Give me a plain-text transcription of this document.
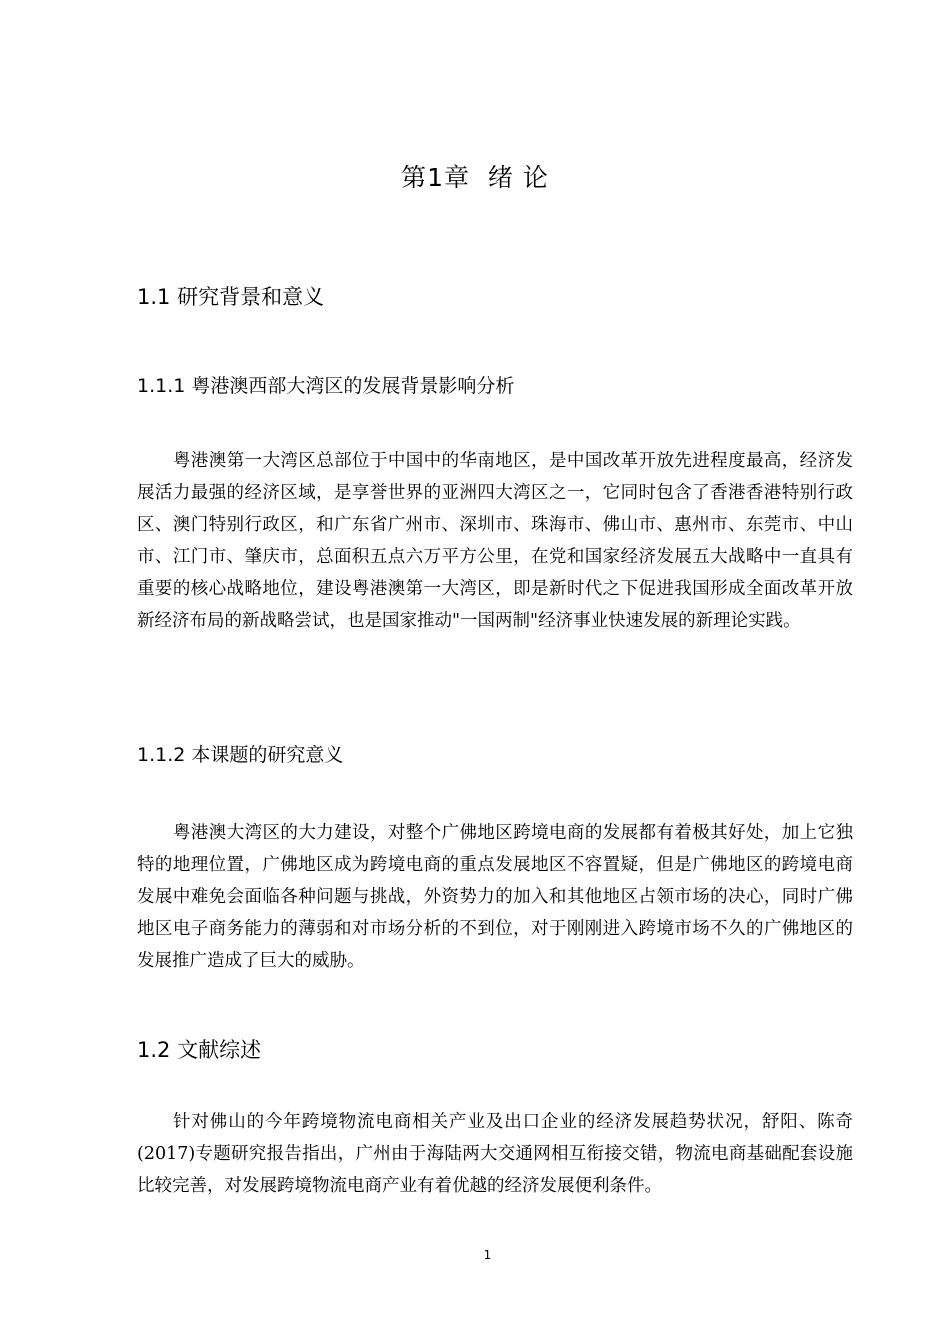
第1章  绪 论
1.1 研究背景和意义
1.1.1 粤港澳西部大湾区的发展背景影响分析

粤港澳第一大湾区总部位于中国中的华南地区，是中国改革开放先进程度最高，经济发展活力最强的经济区域，是享誉世界的亚洲四大湾区之一，它同时包含了香港香港特别行政区、澳门特别行政区，和广东省广州市、深圳市、珠海市、佛山市、惠州市、东莞市、中山市、江门市、肇庆市，总面积五点六万平方公里，在党和国家经济发展五大战略中一直具有重要的核心战略地位，建设粤港澳第一大湾区，即是新时代之下促进我国形成全面改革开放新经济布局的新战略尝试，也是国家推动"一国两制"经济事业快速发展的新理论实践。

1.1.2 本课题的研究意义

粤港澳大湾区的大力建设，对整个广佛地区跨境电商的发展都有着极其好处，加上它独特的地理位置，广佛地区成为跨境电商的重点发展地区不容置疑，但是广佛地区的跨境电商发展中难免会面临各种问题与挑战，外资势力的加入和其他地区占领市场的决心，同时广佛地区电子商务能力的薄弱和对市场分析的不到位，对于刚刚进入跨境市场不久的广佛地区的发展推广造成了巨大的威胁。

1.2 文献综述

针对佛山的今年跨境物流电商相关产业及出口企业的经济发展趋势状况，舒阳、陈奇(2017)专题研究报告指出，广州由于海陆两大交通网相互衔接交错，物流电商基础配套设施比较完善，对发展跨境物流电商产业有着优越的经济发展便利条件。

1
